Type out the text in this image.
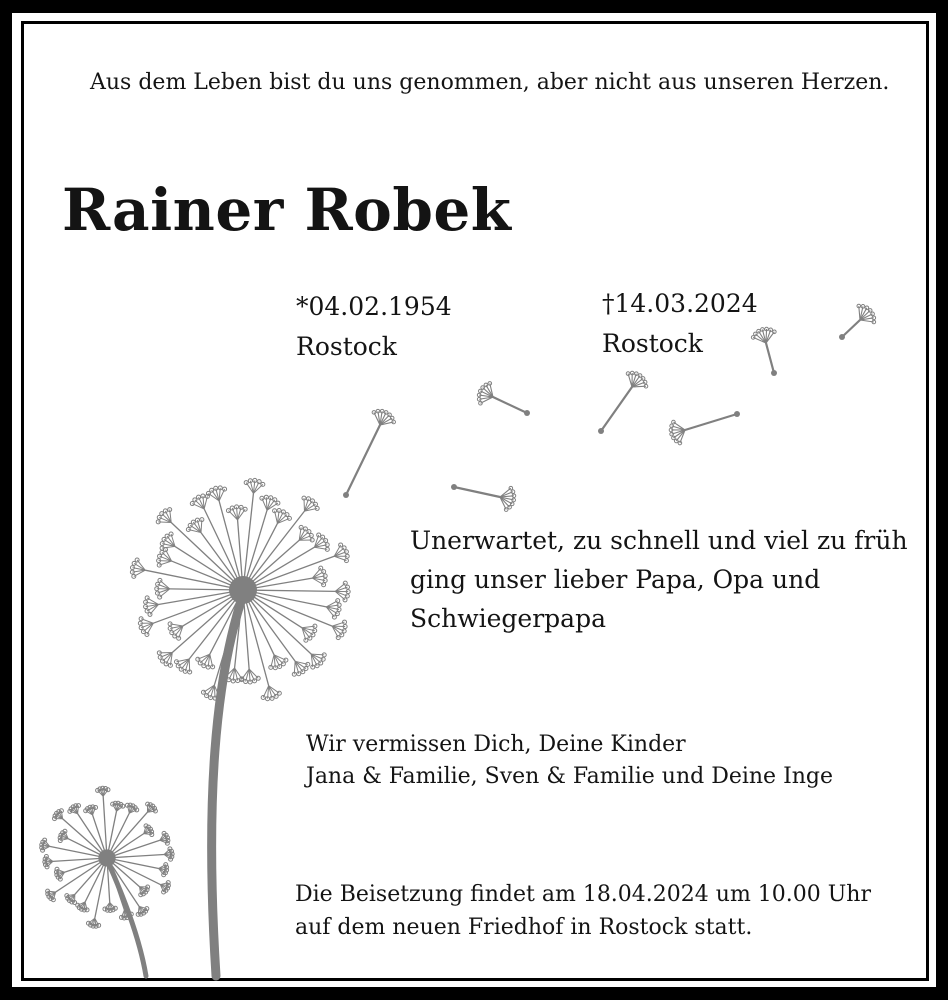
Aus dem Leben bist du uns genommen, aber nicht aus unseren Herzen.
Rainer Robek
*04.02.1954
Rostock
†14.03.2024
Rostock
Unerwartet, zu schnell und viel zu früh
ging unser lieber Papa, Opa und
Schwiegerpapa
Wir vermissen Dich, Deine Kinder
Jana & Familie, Sven & Familie und Deine Inge
Die Beisetzung findet am 18.04.2024 um 10.00 Uhr
auf dem neuen Friedhof in Rostock statt.
